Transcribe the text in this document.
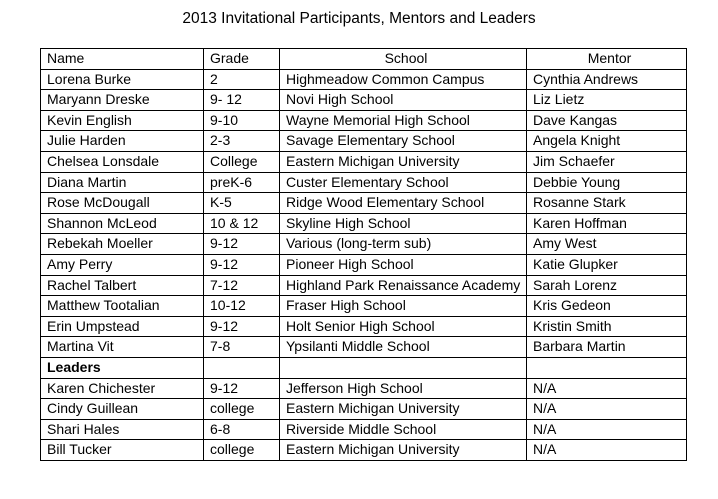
2013 Invitational Participants, Mentors and Leaders
Name	Grade	School	Mentor
Lorena Burke	2	Highmeadow Common Campus	Cynthia Andrews
Maryann Dreske	9- 12	Novi High School	Liz Lietz
Kevin English	9-10	Wayne Memorial High School	Dave Kangas
Julie Harden	2-3	Savage Elementary School	Angela Knight
Chelsea Lonsdale	College	Eastern Michigan University	Jim Schaefer
Diana Martin	preK-6	Custer Elementary School	Debbie Young
Rose McDougall	K-5	Ridge Wood Elementary School	Rosanne Stark
Shannon McLeod	10 & 12	Skyline High School	Karen Hoffman
Rebekah Moeller	9-12	Various (long-term sub)	Amy West
Amy Perry	9-12	Pioneer High School	Katie Glupker
Rachel Talbert	7-12	Highland Park Renaissance Academy	Sarah Lorenz
Matthew Tootalian	10-12	Fraser High School	Kris Gedeon
Erin Umpstead	9-12	Holt Senior High School	Kristin Smith
Martina Vit	7-8	Ypsilanti Middle School	Barbara Martin
Leaders			
Karen Chichester	9-12	Jefferson High School	N/A
Cindy Guillean	college	Eastern Michigan University	N/A
Shari Hales	6-8	Riverside Middle School	N/A
Bill Tucker	college	Eastern Michigan University	N/A
